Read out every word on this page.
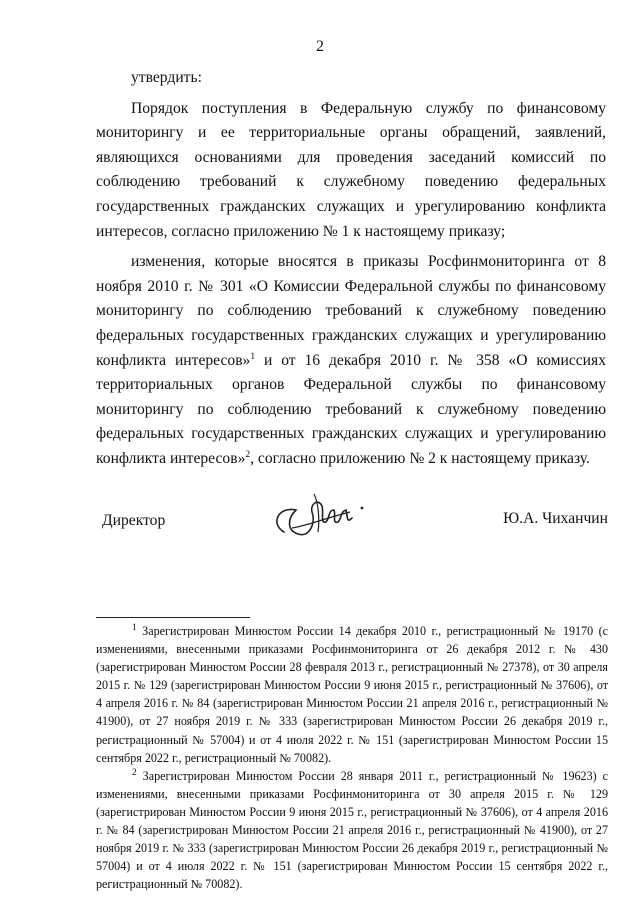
2

утвердить:

Порядок поступления в Федеральную службу по финансовому мониторингу и ее территориальные органы обращений, заявлений, являющихся основаниями для проведения заседаний комиссий по соблюдению требований к служебному поведению федеральных государственных гражданских служащих и урегулированию конфликта интересов, согласно приложению № 1 к настоящему приказу;

изменения, которые вносятся в приказы Росфинмониторинга от 8 ноября 2010 г. № 301 «О Комиссии Федеральной службы по финансовому мониторингу по соблюдению требований к служебному поведению федеральных государственных гражданских служащих и урегулированию конфликта интересов»$^1$ и от 16 декабря 2010 г. № 358 «О комиссиях территориальных органов Федеральной службы по финансовому мониторингу по соблюдению требований к служебному поведению федеральных государственных гражданских служащих и урегулированию конфликта интересов»$^2$, согласно приложению № 2 к настоящему приказу.

Директор	Ю.А. Чиханчин

$^1$ Зарегистрирован Минюстом России 14 декабря 2010 г., регистрационный № 19170 (с изменениями, внесенными приказами Росфинмониторинга от 26 декабря 2012 г. № 430 (зарегистрирован Минюстом России 28 февраля 2013 г., регистрационный № 27378), от 30 апреля 2015 г. № 129 (зарегистрирован Минюстом России 9 июня 2015 г., регистрационный № 37606), от 4 апреля 2016 г. № 84 (зарегистрирован Минюстом России 21 апреля 2016 г., регистрационный № 41900), от 27 ноября 2019 г. № 333 (зарегистрирован Минюстом России 26 декабря 2019 г., регистрационный № 57004) и от 4 июля 2022 г. № 151 (зарегистрирован Минюстом России 15 сентября 2022 г., регистрационный № 70082).

$^2$ Зарегистрирован Минюстом России 28 января 2011 г., регистрационный № 19623) с изменениями, внесенными приказами Росфинмониторинга от 30 апреля 2015 г. № 129 (зарегистрирован Минюстом России 9 июня 2015 г., регистрационный № 37606), от 4 апреля 2016 г. № 84 (зарегистрирован Минюстом России 21 апреля 2016 г., регистрационный № 41900), от 27 ноября 2019 г. № 333 (зарегистрирован Минюстом России 26 декабря 2019 г., регистрационный № 57004) и от 4 июля 2022 г. № 151 (зарегистрирован Минюстом России 15 сентября 2022 г., регистрационный № 70082).
